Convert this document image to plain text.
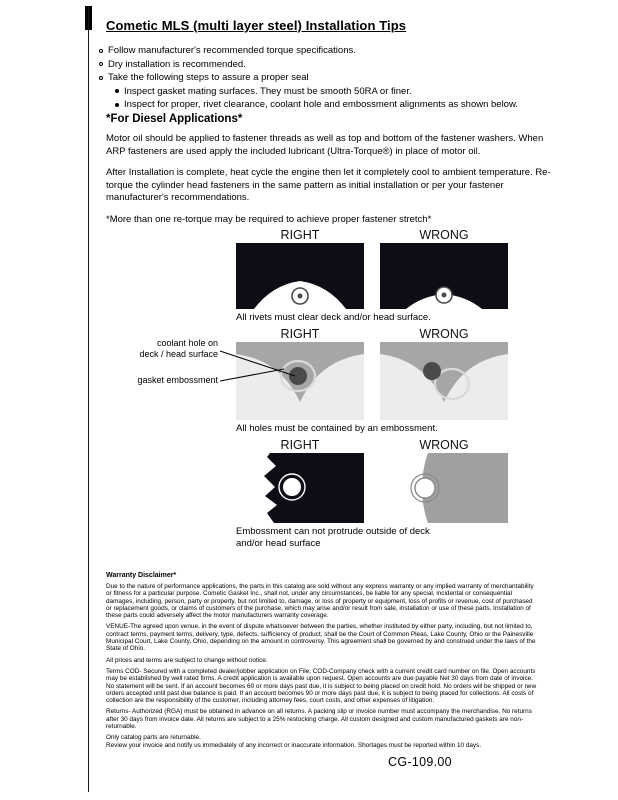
Cometic MLS (multi layer steel) Installation Tips
Follow manufacturer's recommended torque specifications.
Dry installation is recommended.
Take the following steps to assure a proper seal
Inspect gasket mating surfaces. They must be smooth 50RA or finer.
Inspect for proper, rivet clearance, coolant hole and embossment alignments as shown below.
*For Diesel Applications*

Motor oil should be applied to fastener threads as well as top and bottom of the fastener washers. When ARP fasteners are used apply the included lubricant (Ultra-Torque®) in place of motor oil.

After Installation is complete, heat cycle the engine then let it completely cool to ambient temperature. Re-torque the cylinder head fasteners in the same pattern as initial installation or per your fastener manufacturer's recommendations.

*More than one re-torque may be required to achieve proper fastener stretch*

RIGHT	WRONG
All rivets must clear deck and/or head surface.
RIGHT	WRONG
All holes must be contained by an embossment.
RIGHT	WRONG
Embossment can not protrude outside of deck and/or head surface
coolant hole on
deck / head surface
gasket embossment
Warranty Disclaimer*

Due to the nature of performance applications, the parts in this catalog are sold without any express warranty or any implied warranty of merchantability or fitness for a particular purpose. Cometic Gasket Inc., shall not, under any circumstances, be liable for any special, incidental or consequential damages, including, person, party or property, but not limited to, damage, or loss of property or equipment, loss of profits or revenue, cost of purchased or replacement goods, or claims of customers of the purchase, which may arise and/or result from sale, installation or use of these parts. Installation of these parts could adversely affect the motor manufacturers warranty coverage.

VENUE-The agreed upon venue, in the event of dispute whatsoever between the parties, whether instituted by either party, including, but not limited to, contract terms, payment terms, delivery, type, defects, sufficiency of product, shall be the Court of Common Pleas, Lake County, Ohio or the Painesville Municipal Court, Lake County, Ohio, depending on the amount in controversy. This agreement shall be governed by and construed under the laws of the State of Ohio.

All prices and terms are subject to change without notice.

Terms COD- Secured with a completed dealer/jobber application on File, COD-Company check with a current credit card number on file. Open accounts may be established by well rated firms. A credit application is available upon request. Open accounts are due payable Net 30 days from date of invoice. No statement will be sent. If an account becomes 60 or more days past due, it is subject to being placed on credit hold. No orders will be shipped or new orders accepted until past due balance is paid. If an account becomes 90 or more days past due, it is subject to being placed for collections. All costs of collection are the responsibility of the customer, including attorney fees, court costs, and other expenses of litigation.

Returns- Authorized (RGA) must be obtained in advance on all returns. A packing slip or invoice number must accompany the merchandise. No returns after 30 days from invoice date. All returns are subject to a 25% restocking charge. All custom designed and custom manufactured gaskets are non-returnable.

Only catalog parts are returnable.

Review your invoice and notify us immediately of any incorrect or inaccurate information. Shortages must be reported within 10 days.

CG-109.00
